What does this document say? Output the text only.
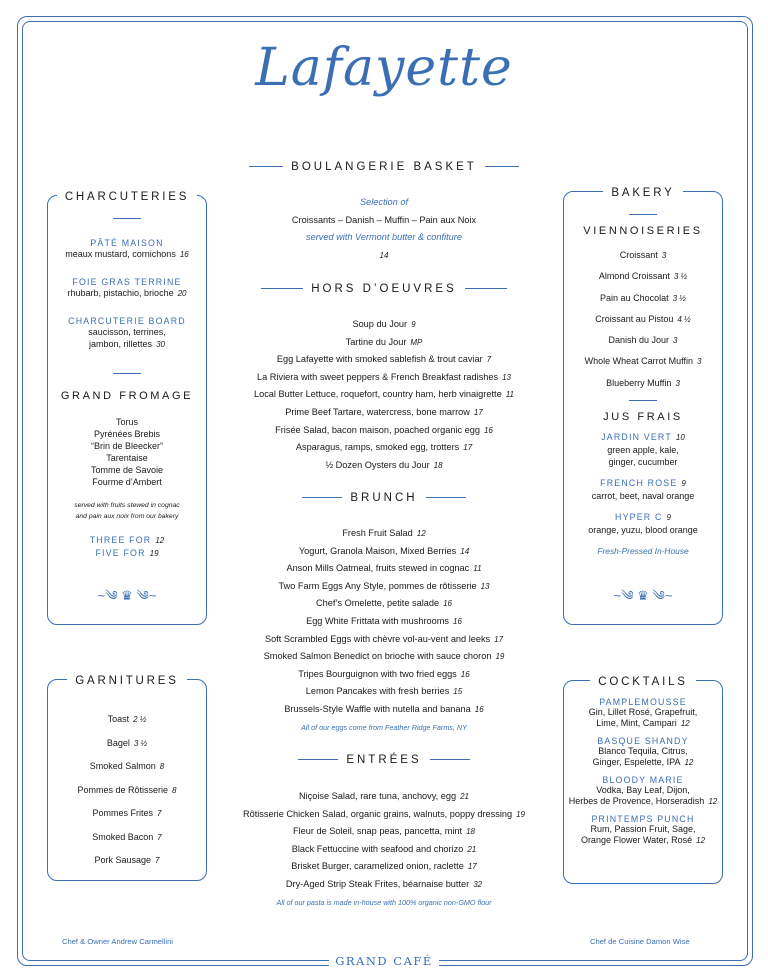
Lafayette
BOULANGERIE BASKET
Selection of
Croissants – Danish – Muffin – Pain aux Noix
served with Vermont butter & confiture
14
HORS D’OEUVRES
Soup du Jour 9
Tartine du Jour MP
Egg Lafayette with smoked sablefish & trout caviar 7
La Riviera with sweet peppers & French Breakfast radishes 13
Local Butter Lettuce, roquefort, country ham, herb vinaigrette 11
Prime Beef Tartare, watercress, bone marrow 17
Frisée Salad, bacon maison, poached organic egg 16
Asparagus, ramps, smoked egg, trotters 17
½ Dozen Oysters du Jour 18
BRUNCH
Fresh Fruit Salad 12
Yogurt, Granola Maison, Mixed Berries 14
Anson Mills Oatmeal, fruits stewed in cognac 11
Two Farm Eggs Any Style, pommes de rôtisserie 13
Chef’s Omelette, petite salade 16
Egg White Frittata with mushrooms 16
Soft Scrambled Eggs with chèvre vol-au-vent and leeks 17
Smoked Salmon Benedict on brioche with sauce choron 19
Tripes Bourguignon with two fried eggs 16
Lemon Pancakes with fresh berries 15
Brussels-Style Waffle with nutella and banana 16
All of our eggs come from Feather Ridge Farms, NY
ENTRÉES
Niçoise Salad, rare tuna, anchovy, egg 21
Rôtisserie Chicken Salad, organic grains, walnuts, poppy dressing 19
Fleur de Soleil, snap peas, pancetta, mint 18
Black Fettuccine with seafood and chorizo 21
Brisket Burger, caramelized onion, raclette 17
Dry-Aged Strip Steak Frites, béarnaise butter 32
All of our pasta is made in-house with 100% organic non-GMO flour
CHARCUTERIES
PÂTÉ MAISON
meaux mustard, cornichons 16
FOIE GRAS TERRINE
rhubarb, pistachio, brioche 20
CHARCUTERIE BOARD
saucisson, terrines,
jambon, rillettes 30
GRAND FROMAGE
Torus
Pyrénées Brebis
“Brin de Bleecker”
Tarentaise
Tomme de Savoie
Fourme d’Ambert
served with fruits stewed in cognac
and pain aux noix from our bakery
THREE FOR 12
FIVE FOR 19
~༄ ♛ ༄~
GARNITURES
Toast 2 ½
Bagel 3 ½
Smoked Salmon 8
Pommes de Rôtisserie 8
Pommes Frites 7
Smoked Bacon 7
Pork Sausage 7
BAKERY
VIENNOISERIES
Croissant 3
Almond Croissant 3 ½
Pain au Chocolat 3 ½
Croissant au Pistou 4 ½
Danish du Jour 3
Whole Wheat Carrot Muffin 3
Blueberry Muffin 3
JUS FRAIS
JARDIN VERT 10
green apple, kale,
ginger, cucumber
FRENCH ROSE 9
carrot, beet, naval orange
HYPER C 9
orange, yuzu, blood orange
Fresh-Pressed In-House
~༄ ♛ ༄~
COCKTAILS
PAMPLEMOUSSE
Gin, Lillet Rosé, Grapefruit,
Lime, Mint, Campari 12
BASQUE SHANDY
Blanco Tequila, Citrus,
Ginger, Espelette, IPA 12
BLOODY MARIE
Vodka, Bay Leaf, Dijon,
Herbes de Provence, Horseradish 12
PRINTEMPS PUNCH
Rum, Passion Fruit, Sage,
Orange Flower Water, Rosé 12
Chef & Owner Andrew Carmellini	Chef de Cuisine Damon Wise
GRAND CAFÉ
